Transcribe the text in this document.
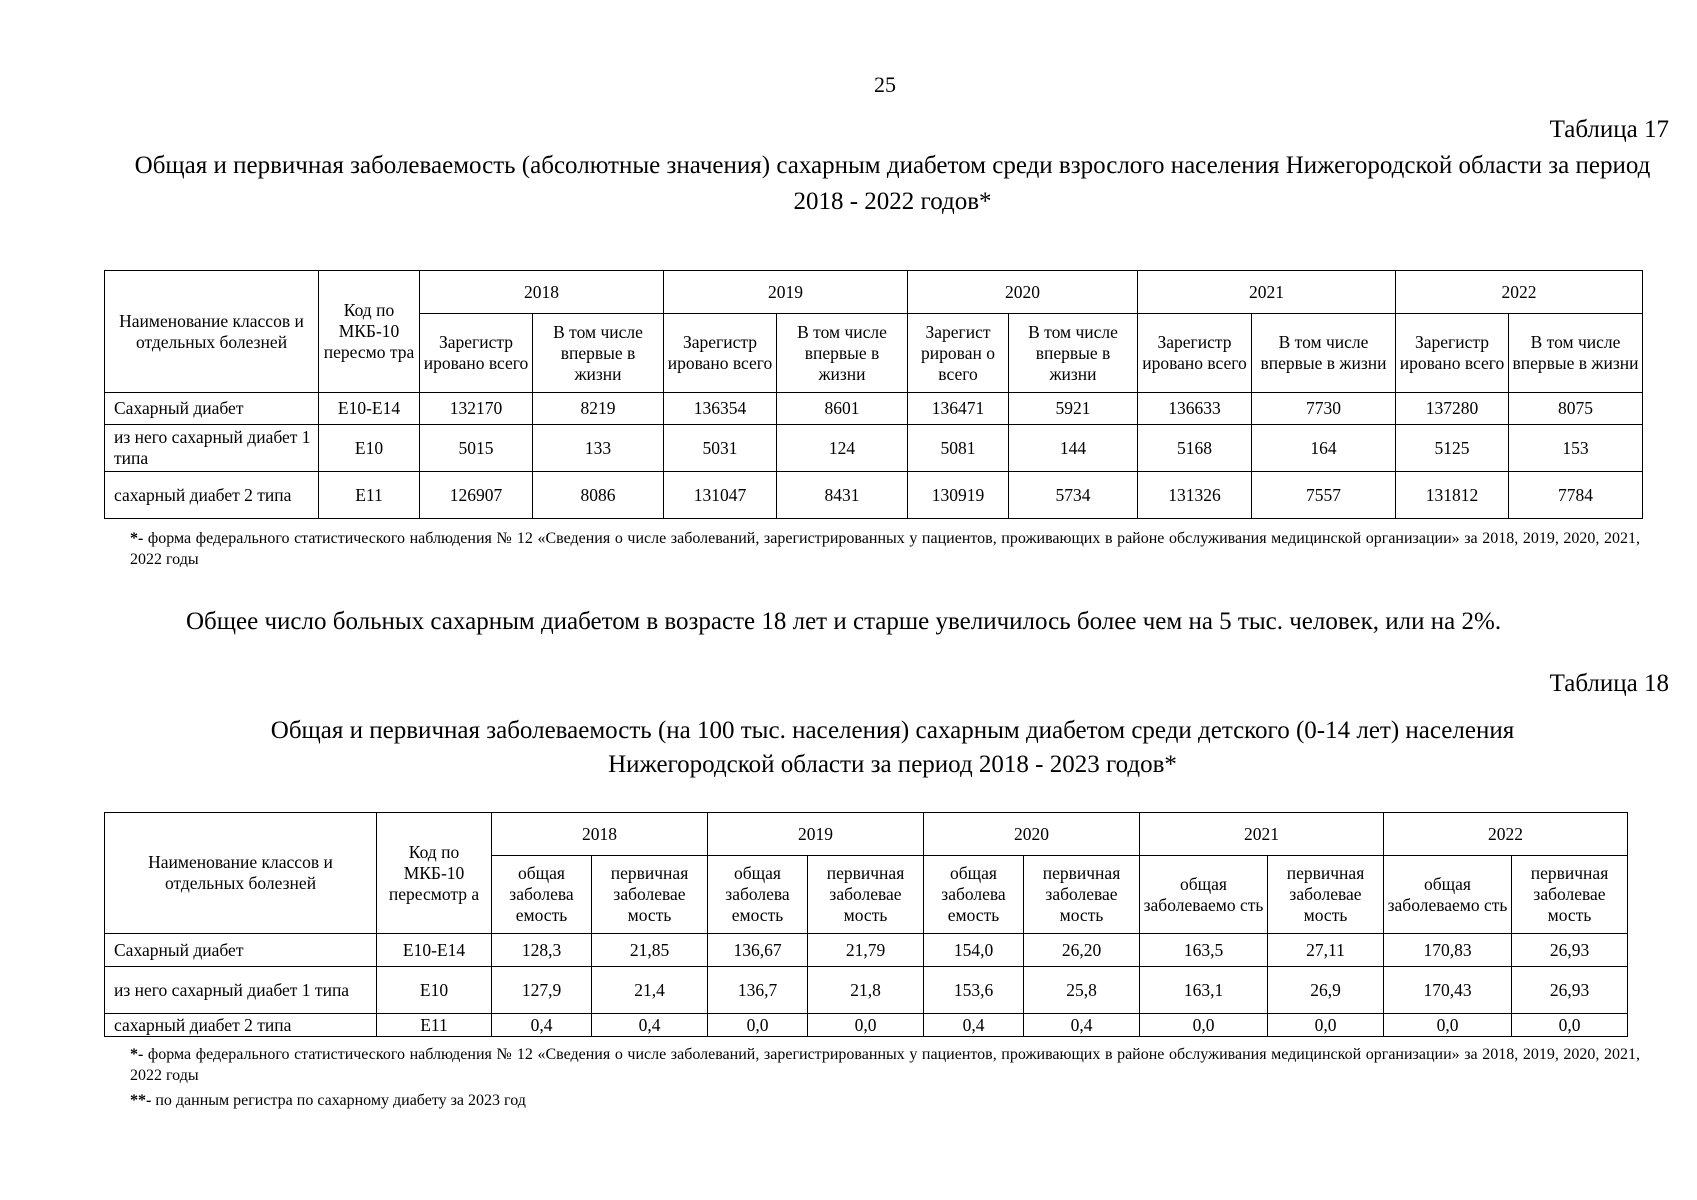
25
Таблица 17
Общая и первичная заболеваемость (абсолютные значения) сахарным диабетом среди взрослого населения Нижегородской области за период 2018 - 2022 годов*
Наименование классов и отдельных болезней	Код по МКБ-10 пересмо тра	2018		2019		2020		2021		2022	
		Зарегистр ировано всего	В том числе впервые в жизни	Зарегистр ировано всего	В том числе впервые в жизни	Зарегист рирован о всего	В том числе впервые в жизни	Зарегистр ировано всего	В том числе впервые в жизни	Зарегистр ировано всего	В том числе впервые в жизни
Сахарный диабет	E10-E14	132170	8219	136354	8601	136471	5921	136633	7730	137280	8075
из него сахарный диабет 1 типа	E10	5015	133	5031	124	5081	144	5168	164	5125	153
сахарный диабет 2 типа	E11	126907	8086	131047	8431	130919	5734	131326	7557	131812	7784
*- форма федерального статистического наблюдения № 12 «Сведения о числе заболеваний, зарегистрированных у пациентов, проживающих в районе обслуживания медицинской организации» за 2018, 2019, 2020, 2021, 2022 годы
Общее число больных сахарным диабетом в возрасте 18 лет и старше увеличилось более чем на 5 тыс. человек, или на 2%.
Таблица 18
Общая и первичная заболеваемость (на 100 тыс. населения) сахарным диабетом среди детского (0-14 лет) населения
Нижегородской области за период 2018 - 2023 годов*
Наименование классов и отдельных болезней	Код по МКБ-10 пересмотр а	2018		2019		2020		2021		2022	
		общая заболева емость	первичная заболевае мость	общая заболева емость	первичная заболевае мость	общая заболева емость	первичная заболевае мость	общая заболеваемо сть	первичная заболевае мость	общая заболеваемо сть	первичная заболевае мость
Сахарный диабет	E10-E14	128,3	21,85	136,67	21,79	154,0	26,20	163,5	27,11	170,83	26,93
из него сахарный диабет 1 типа	E10	127,9	21,4	136,7	21,8	153,6	25,8	163,1	26,9	170,43	26,93
сахарный диабет 2 типа	E11	0,4	0,4	0,0	0,0	0,4	0,4	0,0	0,0	0,0	0,0
*- форма федерального статистического наблюдения № 12 «Сведения о числе заболеваний, зарегистрированных у пациентов, проживающих в районе обслуживания медицинской организации» за 2018, 2019, 2020, 2021, 2022 годы
**- по данным регистра по сахарному диабету за 2023 год
